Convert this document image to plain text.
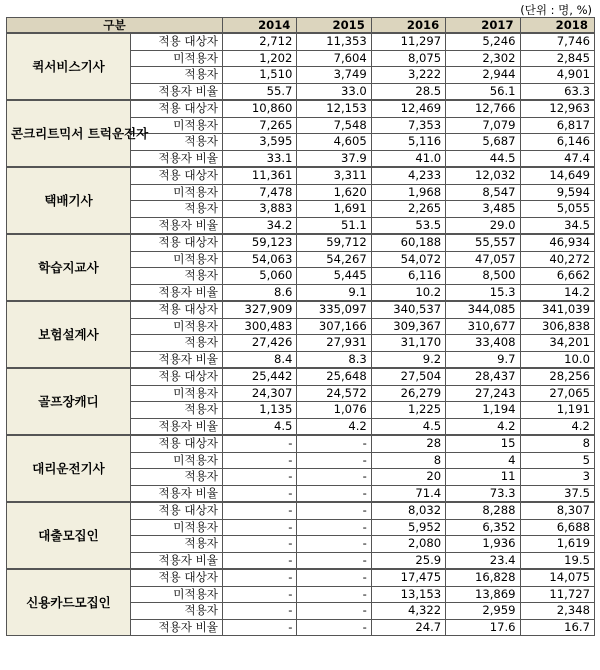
(단위 : 명, %)
구분		2014	2015	2016	2017	2018
퀵서비스기사	적용 대상자	2,712	11,353	11,297	5,246	7,746
	미적용자	1,202	7,604	8,075	2,302	2,845
	적용자	1,510	3,749	3,222	2,944	4,901
	적용자 비율	55.7	33.0	28.5	56.1	63.3
콘크리트믹서 트럭운전자	적용 대상자	10,860	12,153	12,469	12,766	12,963
	미적용자	7,265	7,548	7,353	7,079	6,817
	적용자	3,595	4,605	5,116	5,687	6,146
	적용자 비율	33.1	37.9	41.0	44.5	47.4
택배기사	적용 대상자	11,361	3,311	4,233	12,032	14,649
	미적용자	7,478	1,620	1,968	8,547	9,594
	적용자	3,883	1,691	2,265	3,485	5,055
	적용자 비율	34.2	51.1	53.5	29.0	34.5
학습지교사	적용 대상자	59,123	59,712	60,188	55,557	46,934
	미적용자	54,063	54,267	54,072	47,057	40,272
	적용자	5,060	5,445	6,116	8,500	6,662
	적용자 비율	8.6	9.1	10.2	15.3	14.2
보험설계사	적용 대상자	327,909	335,097	340,537	344,085	341,039
	미적용자	300,483	307,166	309,367	310,677	306,838
	적용자	27,426	27,931	31,170	33,408	34,201
	적용자 비율	8.4	8.3	9.2	9.7	10.0
골프장캐디	적용 대상자	25,442	25,648	27,504	28,437	28,256
	미적용자	24,307	24,572	26,279	27,243	27,065
	적용자	1,135	1,076	1,225	1,194	1,191
	적용자 비율	4.5	4.2	4.5	4.2	4.2
대리운전기사	적용 대상자	-	-	28	15	8
	미적용자	-	-	8	4	5
	적용자	-	-	20	11	3
	적용자 비율	-	-	71.4	73.3	37.5
대출모집인	적용 대상자	-	-	8,032	8,288	8,307
	미적용자	-	-	5,952	6,352	6,688
	적용자	-	-	2,080	1,936	1,619
	적용자 비율	-	-	25.9	23.4	19.5
신용카드모집인	적용 대상자	-	-	17,475	16,828	14,075
	미적용자	-	-	13,153	13,869	11,727
	적용자	-	-	4,322	2,959	2,348
	적용자 비율	-	-	24.7	17.6	16.7
